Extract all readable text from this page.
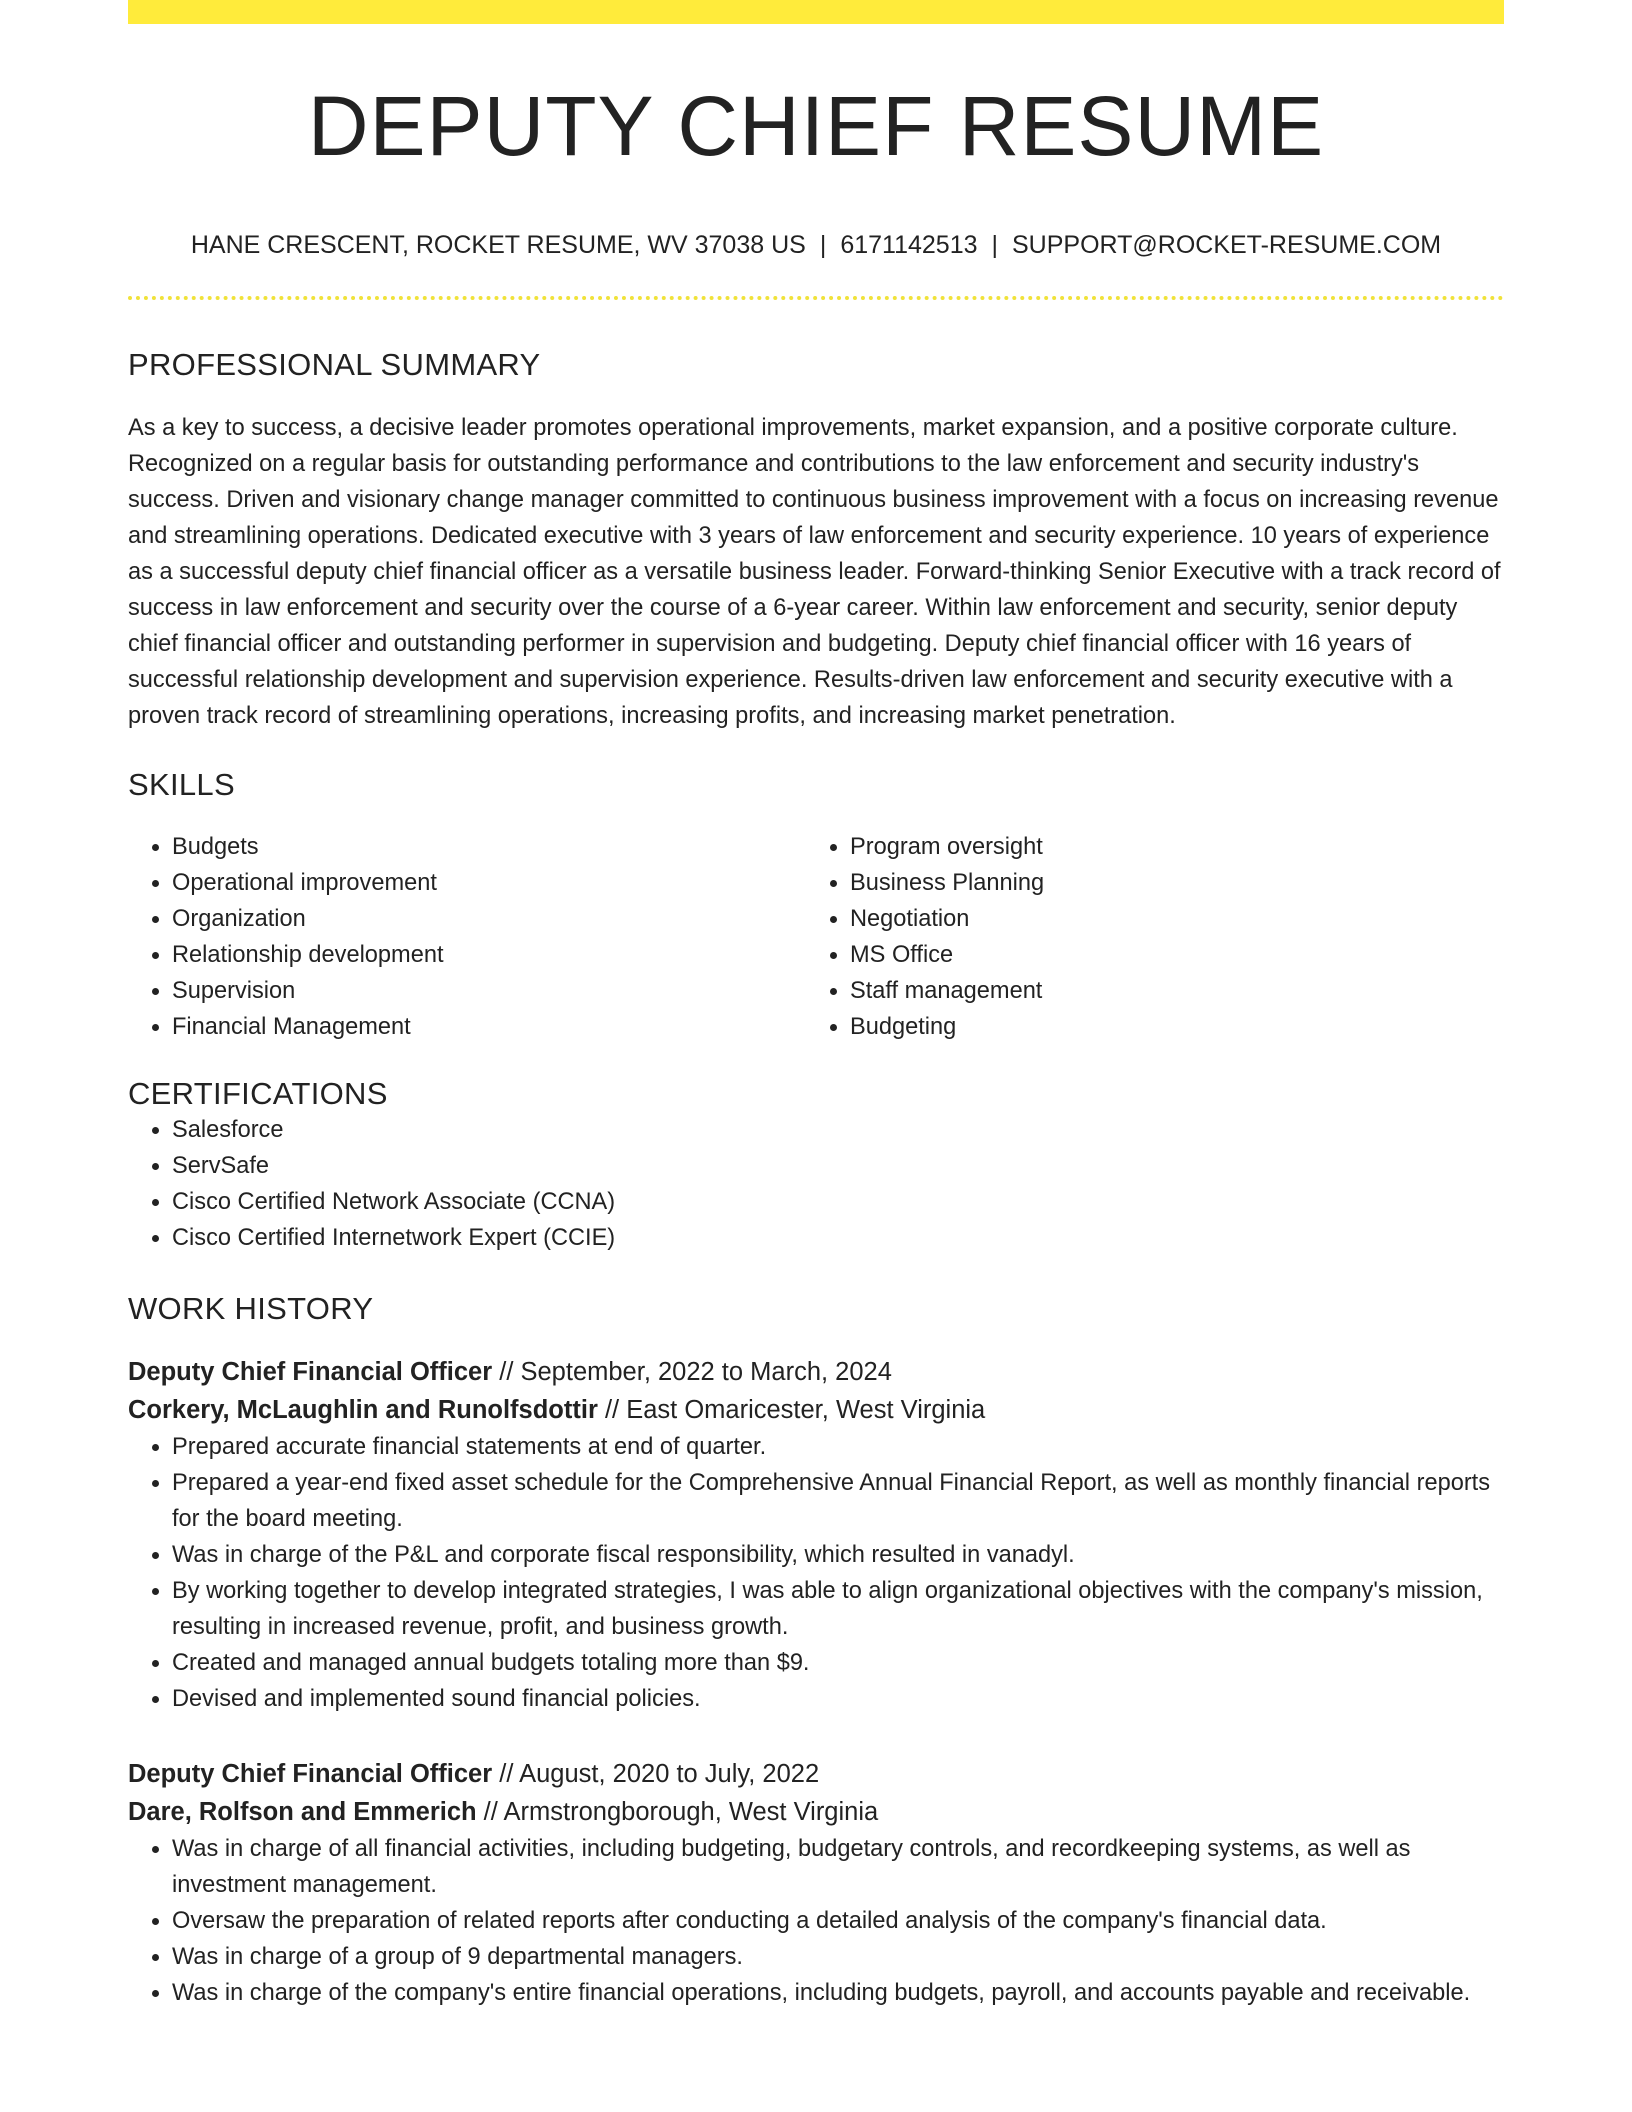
DEPUTY CHIEF RESUME
HANE CRESCENT, ROCKET RESUME, WV 37038 US | 6171142513 | SUPPORT@ROCKET-RESUME.COM
PROFESSIONAL SUMMARY

As a key to success, a decisive leader promotes operational improvements, market expansion, and a positive corporate culture. Recognized on a regular basis for outstanding performance and contributions to the law enforcement and security industry's success. Driven and visionary change manager committed to continuous business improvement with a focus on increasing revenue and streamlining operations. Dedicated executive with 3 years of law enforcement and security experience. 10 years of experience as a successful deputy chief financial officer as a versatile business leader. Forward-thinking Senior Executive with a track record of success in law enforcement and security over the course of a 6-year career. Within law enforcement and security, senior deputy chief financial officer and outstanding performer in supervision and budgeting. Deputy chief financial officer with 16 years of successful relationship development and supervision experience. Results-driven law enforcement and security executive with a proven track record of streamlining operations, increasing profits, and increasing market penetration.

SKILLS
• Budgets
• Operational improvement
• Organization
• Relationship development
• Supervision
• Financial Management
• Program oversight
• Business Planning
• Negotiation
• MS Office
• Staff management
• Budgeting
CERTIFICATIONS
• Salesforce
• ServSafe
• Cisco Certified Network Associate (CCNA)
• Cisco Certified Internetwork Expert (CCIE)
WORK HISTORY
Deputy Chief Financial Officer // September, 2022 to March, 2024
Corkery, McLaughlin and Runolfsdottir // East Omaricester, West Virginia
• Prepared accurate financial statements at end of quarter.
• Prepared a year-end fixed asset schedule for the Comprehensive Annual Financial Report, as well as monthly financial reports for the board meeting.
• Was in charge of the P&L and corporate fiscal responsibility, which resulted in vanadyl.
• By working together to develop integrated strategies, I was able to align organizational objectives with the company's mission, resulting in increased revenue, profit, and business growth.
• Created and managed annual budgets totaling more than $9.
• Devised and implemented sound financial policies.
Deputy Chief Financial Officer // August, 2020 to July, 2022
Dare, Rolfson and Emmerich // Armstrongborough, West Virginia
• Was in charge of all financial activities, including budgeting, budgetary controls, and recordkeeping systems, as well as investment management.
• Oversaw the preparation of related reports after conducting a detailed analysis of the company's financial data.
• Was in charge of a group of 9 departmental managers.
• Was in charge of the company's entire financial operations, including budgets, payroll, and accounts payable and receivable.
